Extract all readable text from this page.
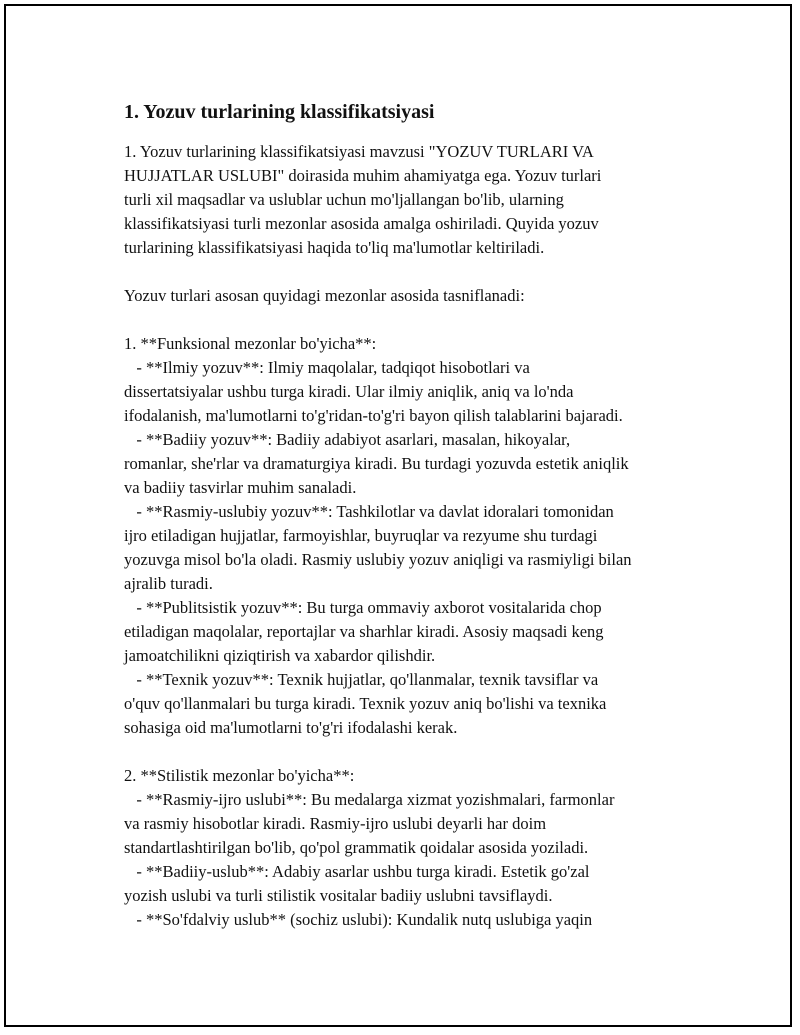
1. Yozuv turlarining klassifikatsiyasi
1. Yozuv turlarining klassifikatsiyasi mavzusi "YOZUV TURLARI VA
HUJJATLAR USLUBI" doirasida muhim ahamiyatga ega. Yozuv turlari
turli xil maqsadlar va uslublar uchun mo'ljallangan bo'lib, ularning
klassifikatsiyasi turli mezonlar asosida amalga oshiriladi. Quyida yozuv
turlarining klassifikatsiyasi haqida to'liq ma'lumotlar keltiriladi.
Yozuv turlari asosan quyidagi mezonlar asosida tasniflanadi:
1. **Funksional mezonlar bo'yicha**:
- **Ilmiy yozuv**: Ilmiy maqolalar, tadqiqot hisobotlari va
dissertatsiyalar ushbu turga kiradi. Ular ilmiy aniqlik, aniq va lo'nda
ifodalanish, ma'lumotlarni to'g'ridan-to'g'ri bayon qilish talablarini bajaradi.
- **Badiiy yozuv**: Badiiy adabiyot asarlari, masalan, hikoyalar,
romanlar, she'rlar va dramaturgiya kiradi. Bu turdagi yozuvda estetik aniqlik
va badiiy tasvirlar muhim sanaladi.
- **Rasmiy-uslubiy yozuv**: Tashkilotlar va davlat idoralari tomonidan
ijro etiladigan hujjatlar, farmoyishlar, buyruqlar va rezyume shu turdagi
yozuvga misol bo'la oladi. Rasmiy uslubiy yozuv aniqligi va rasmiyligi bilan
ajralib turadi.
- **Publitsistik yozuv**: Bu turga ommaviy axborot vositalarida chop
etiladigan maqolalar, reportajlar va sharhlar kiradi. Asosiy maqsadi keng
jamoatchilikni qiziqtirish va xabardor qilishdir.
- **Texnik yozuv**: Texnik hujjatlar, qo'llanmalar, texnik tavsiflar va
o'quv qo'llanmalari bu turga kiradi. Texnik yozuv aniq bo'lishi va texnika
sohasiga oid ma'lumotlarni to'g'ri ifodalashi kerak.
2. **Stilistik mezonlar bo'yicha**:
- **Rasmiy-ijro uslubi**: Bu medalarga xizmat yozishmalari, farmonlar
va rasmiy hisobotlar kiradi. Rasmiy-ijro uslubi deyarli har doim
standartlashtirilgan bo'lib, qo'pol grammatik qoidalar asosida yoziladi.
- **Badiiy-uslub**: Adabiy asarlar ushbu turga kiradi. Estetik go'zal
yozish uslubi va turli stilistik vositalar badiiy uslubni tavsiflaydi.
- **So'fdalviy uslub** (sochiz uslubi): Kundalik nutq uslubiga yaqin
